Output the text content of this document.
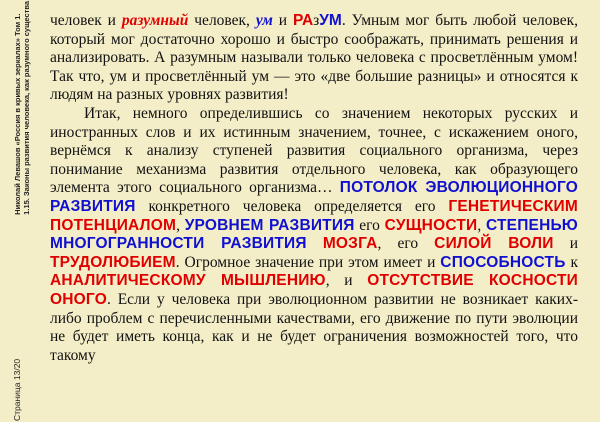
Страница 13/20
Николай Левашов «Россия в кривых зеркалах» Том 1. 1.15. Законы развития человека, как разумного существа человек и разумный человек, ум и РАзУМ. Умным мог быть любой человек, который мог достаточно хорошо и быстро соображать, принимать решения и анализировать. А разумным называли только человека с просветлённым умом! Так что, ум и просветлённый ум — это «две большие разницы» и относятся к людям на разных уровнях развития!

Итак, немного определившись со значением некоторых русских и иностранных слов и их истинным значением, точнее, с искажением оного, вернёмся к анализу ступеней развития социального организма, через понимание механизма развития отдельного человека, как образующего элемента этого социального организма… ПОТОЛОК ЭВОЛЮЦИОННОГО РАЗВИТИЯ конкретного человека определяется его ГЕНЕТИЧЕСКИМ ПОТЕНЦИАЛОМ, УРОВНЕМ РАЗВИТИЯ его СУЩНОСТИ, СТЕПЕНЬЮ МНОГОГРАННОСТИ РАЗВИТИЯ МОЗГА, его СИЛОЙ ВОЛИ и ТРУДОЛЮБИЕМ. Огромное значение при этом имеет и СПОСОБНОСТЬ к АНАЛИТИЧЕСКОМУ МЫШЛЕНИЮ, и ОТСУТСТВИЕ КОСНОСТИ ОНОГО. Если у человека при эволюционном развитии не возникает каких-либо проблем с перечисленными качествами, его движение по пути эволюции не будет иметь конца, как и не будет ограничения возможностей того, что такому
